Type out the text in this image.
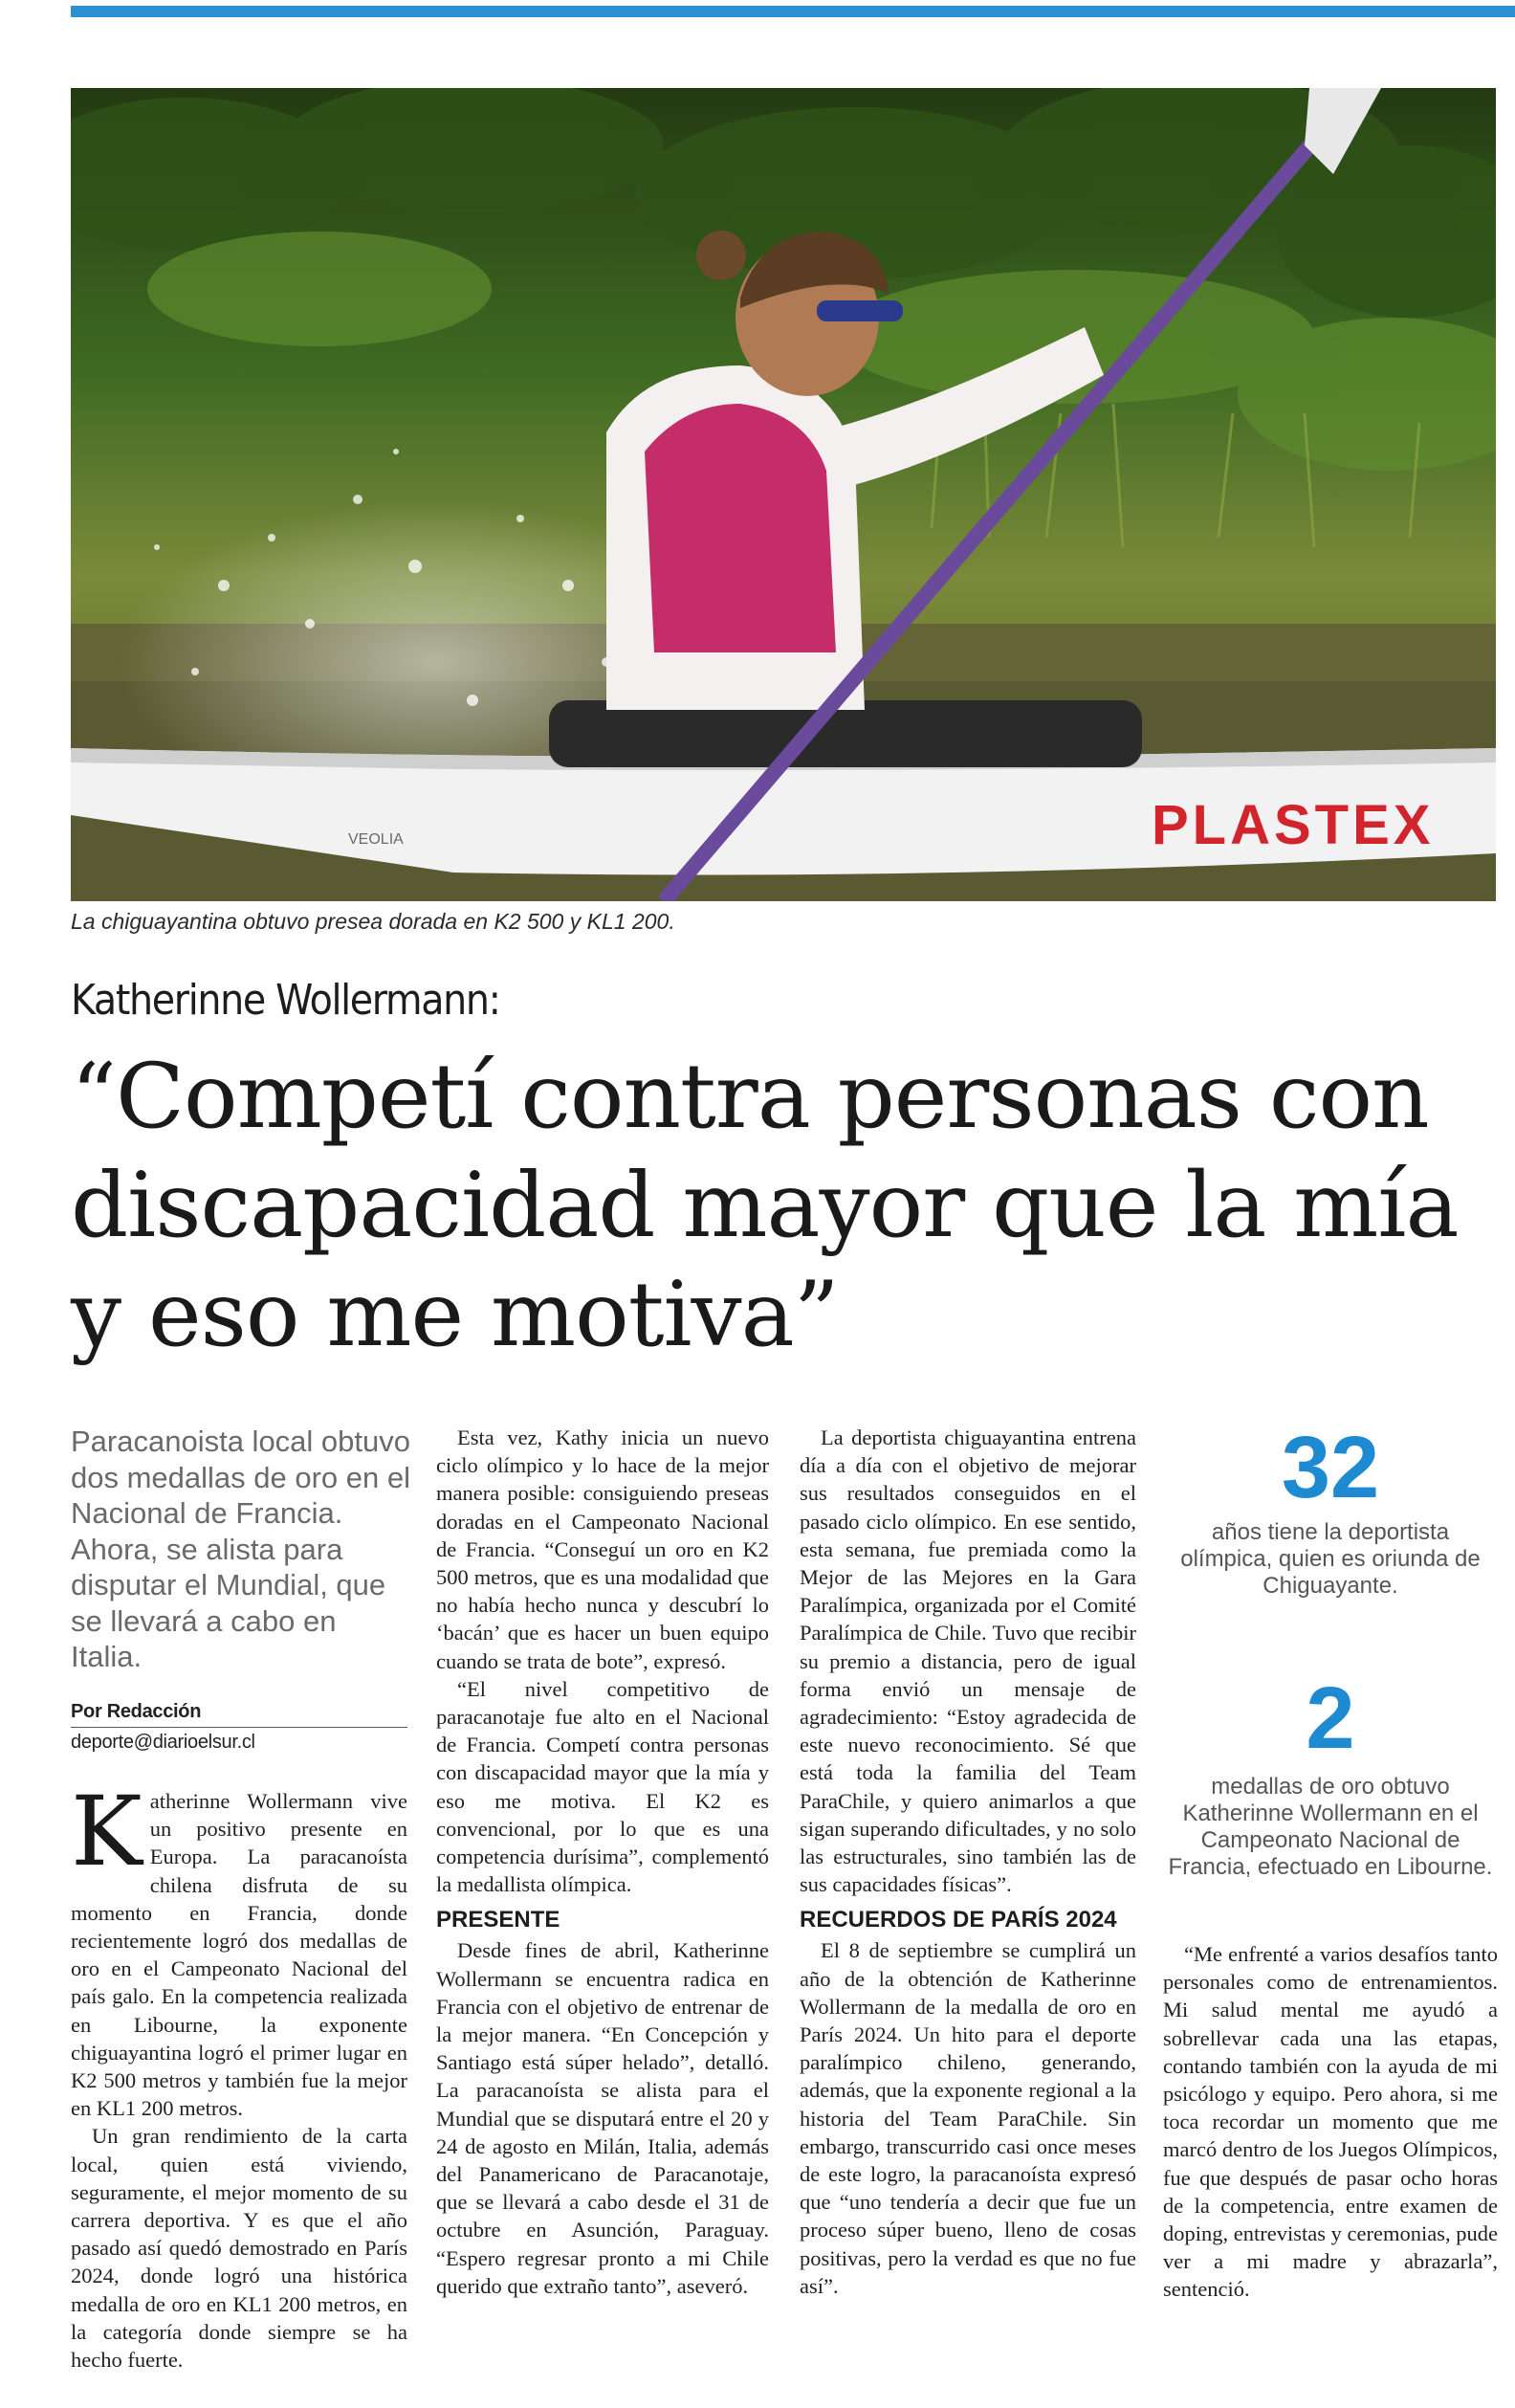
PLASTEX
VEOLIA
La chiguayantina obtuvo presea dorada en K2 500 y KL1 200.
Katherinne Wollermann:
“Competí contra personas con discapacidad mayor que la mía y eso me motiva”

Paracanoista local obtuvo dos medallas de oro en el Nacional de Francia. Ahora, se alista para disputar el Mundial, que se llevará a cabo en Italia.

Por Redacción
deporte@diarioelsur.cl

Katherinne Wollermann vive un positivo presente en Europa. La paracanoísta chilena disfruta de su momento en Francia, donde recientemente logró dos medallas de oro en el Campeonato Nacional del país galo. En la competencia realizada en Libourne, la exponente chiguayantina logró el primer lugar en K2 500 metros y también fue la mejor en KL1 200 metros.

Un gran rendimiento de la carta local, quien está viviendo, seguramente, el mejor momento de su carrera deportiva. Y es que el año pasado así quedó demostrado en París 2024, donde logró una histórica medalla de oro en KL1 200 metros, en la categoría donde siempre se ha hecho fuerte.

Esta vez, Kathy inicia un nuevo ciclo olímpico y lo hace de la mejor manera posible: consiguiendo preseas doradas en el Campeonato Nacional de Francia. “Conseguí un oro en K2 500 metros, que es una modalidad que no había hecho nunca y descubrí lo ‘bacán’ que es hacer un buen equipo cuando se trata de bote”, expresó.

“El nivel competitivo de paracanotaje fue alto en el Nacional de Francia. Competí contra personas con discapacidad mayor que la mía y eso me motiva. El K2 es convencional, por lo que es una competencia durísima”, complementó la medallista olímpica.

PRESENTE

Desde fines de abril, Katherinne Wollermann se encuentra radica en Francia con el objetivo de entrenar de la mejor manera. “En Concepción y Santiago está súper helado”, detalló. La paracanoísta se alista para el Mundial que se disputará entre el 20 y 24 de agosto en Milán, Italia, además del Panamericano de Paracanotaje, que se llevará a cabo desde el 31 de octubre en Asunción, Paraguay. “Espero regresar pronto a mi Chile querido que extraño tanto”, aseveró.

La deportista chiguayantina entrena día a día con el objetivo de mejorar sus resultados conseguidos en el pasado ciclo olímpico. En ese sentido, esta semana, fue premiada como la Mejor de las Mejores en la Gara Paralímpica, organizada por el Comité Paralímpica de Chile. Tuvo que recibir su premio a distancia, pero de igual forma envió un mensaje de agradecimiento: “Estoy agradecida de este nuevo reconocimiento. Sé que está toda la familia del Team ParaChile, y quiero animarlos a que sigan superando dificultades, y no solo las estructurales, sino también las de sus capacidades físicas”.

RECUERDOS DE PARÍS 2024

El 8 de septiembre se cumplirá un año de la obtención de Katherinne Wollermann de la medalla de oro en París 2024. Un hito para el deporte paralímpico chileno, generando, además, que la exponente regional a la historia del Team ParaChile. Sin embargo, transcurrido casi once meses de este logro, la paracanoísta expresó que “uno tendería a decir que fue un proceso súper bueno, lleno de cosas positivas, pero la verdad es que no fue así”.

“Me enfrenté a varios desafíos tanto personales como de entrenamientos. Mi salud mental me ayudó a sobrellevar cada una las etapas, contando también con la ayuda de mi psicólogo y equipo. Pero ahora, si me toca recordar un momento que me marcó dentro de los Juegos Olímpicos, fue que después de pasar ocho horas de la competencia, entre examen de doping, entrevistas y ceremonias, pude ver a mi madre y abrazarla”, sentenció.

32
años tiene la deportista olímpica, quien es oriunda de Chiguayante.
2
medallas de oro obtuvo Katherinne Wollermann en el Campeonato Nacional de Francia, efectuado en Libourne.
